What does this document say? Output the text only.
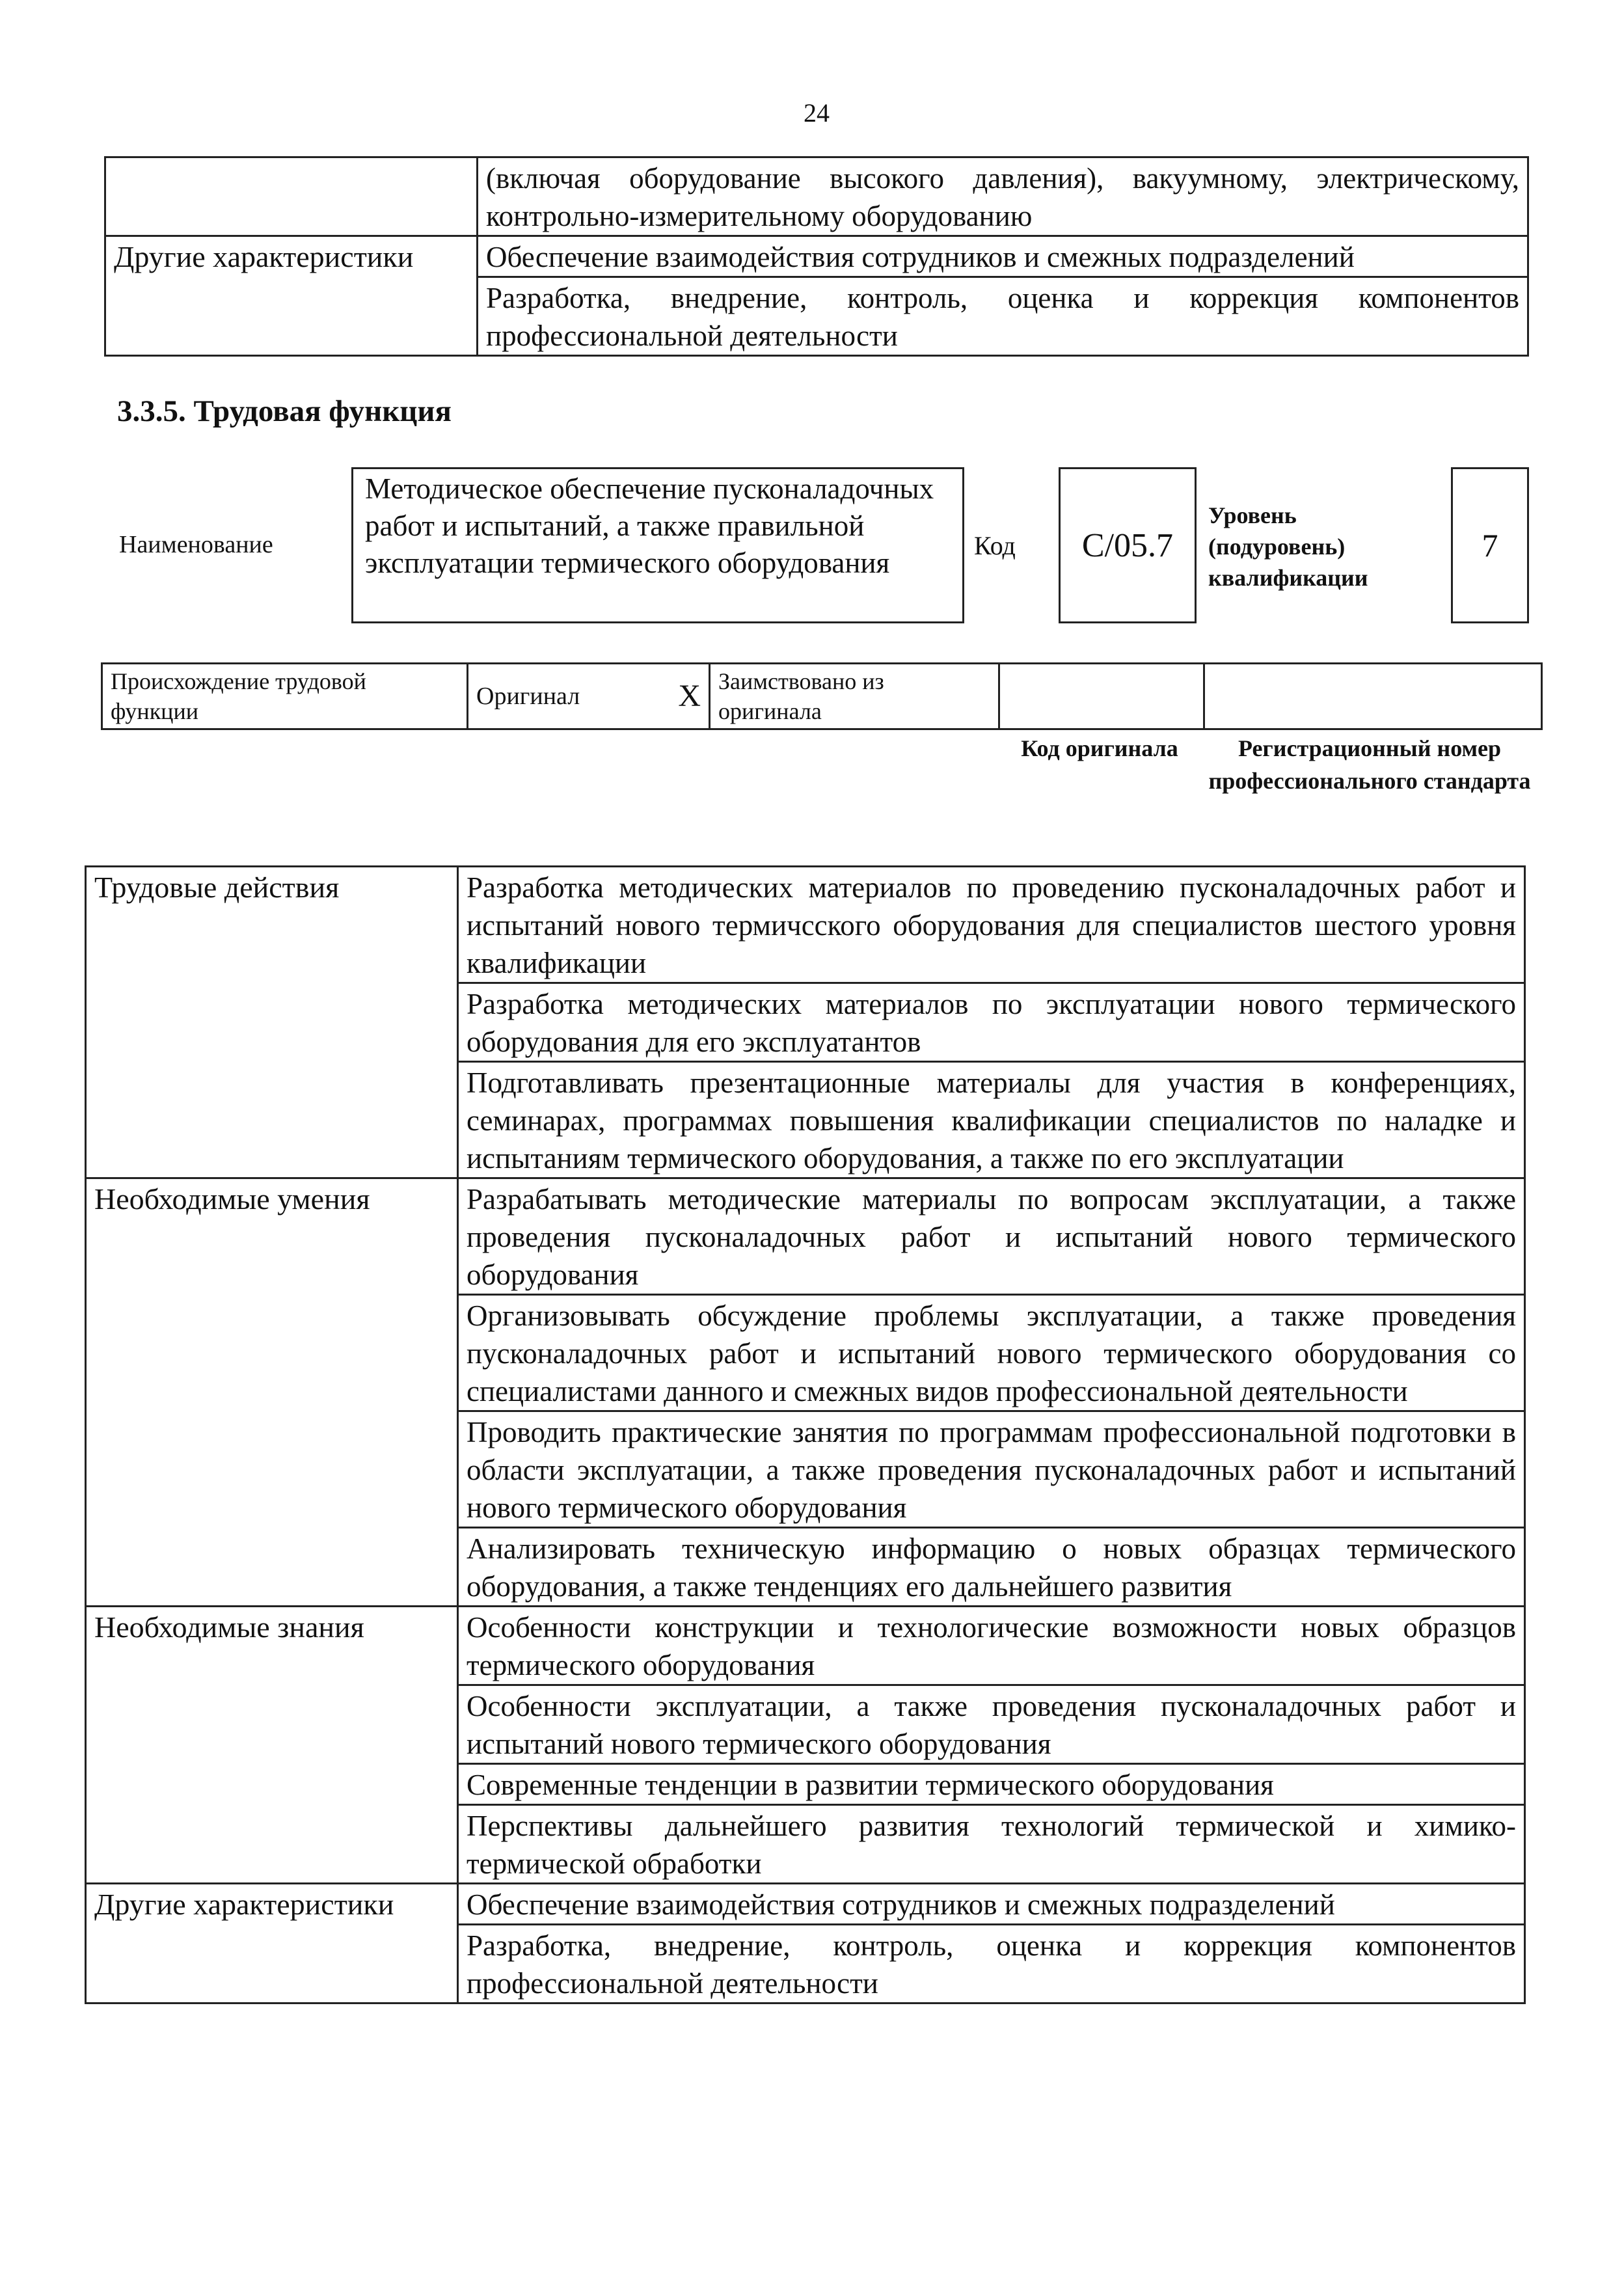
24
	(включая оборудование высокого давления), вакуумному, электрическому, контрольно-измерительному оборудованию
Другие характеристики	Обеспечение взаимодействия сотрудников и смежных подразделений
	Разработка, внедрение, контроль, оценка и коррекция компонентов профессиональной деятельности
3.3.5. Трудовая функция
Наименование
Методическое обеспечение пусконаладочных работ и испытаний, а также правильной эксплуатации термического оборудования
Код	C/05.7
Уровень (подуровень) квалификации
7
Происхождение трудовой функции	Оригинал	X	Заимствовано из оригинала		
Код оригинала	Регистрационный номер профессионального стандарта
Трудовые действия	Разработка методических материалов по проведению пусконаладочных работ и испытаний нового термичсского оборудования для специалистов шестого уровня квалификации
	Разработка методических материалов по эксплуатации нового термического оборудования для его эксплуатантов
	Подготавливать презентационные материалы для участия в конференциях, семинарах, программах повышения квалификации специалистов по наладке и испытаниям термического оборудования, а также по его эксплуатации
Необходимые умения	Разрабатывать методические материалы по вопросам эксплуатации, а также проведения пусконаладочных работ и испытаний нового термического оборудования
	Организовывать обсуждение проблемы эксплуатации, а также проведения пусконаладочных работ и испытаний нового термического оборудования со специалистами данного и смежных видов профессиональной деятельности
	Проводить практические занятия по программам профессиональной подготовки в области эксплуатации, а также проведения пусконаладочных работ и испытаний нового термического оборудования
	Анализировать техническую информацию о новых образцах термического оборудования, а также тенденциях его дальнейшего развития
Необходимые знания	Особенности конструкции и технологические возможности новых образцов термического оборудования
	Особенности эксплуатации, а также проведения пусконаладочных работ и испытаний нового термического оборудования
	Современные тенденции в развитии термического оборудования
	Перспективы дальнейшего развития технологий термической и химико-термической обработки
Другие характеристики	Обеспечение взаимодействия сотрудников и смежных подразделений
	Разработка, внедрение, контроль, оценка и коррекция компонентов профессиональной деятельности
